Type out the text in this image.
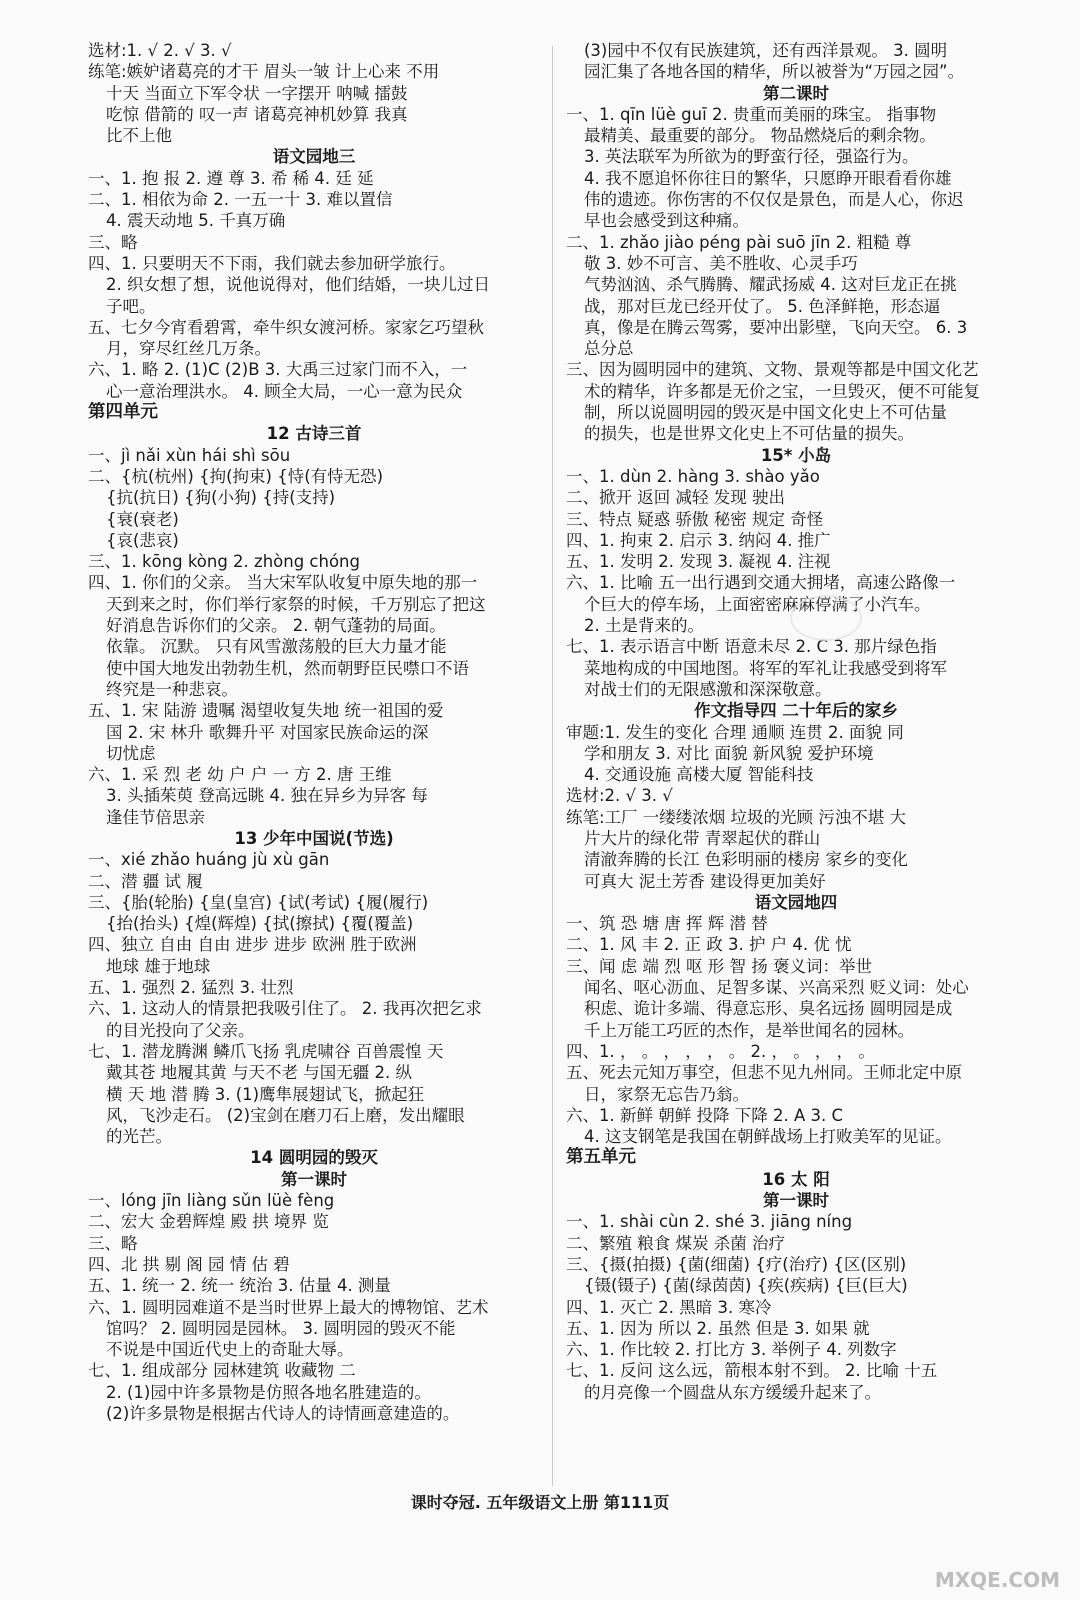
选材:1. √ 2. √ 3. √
练笔:嫉妒诸葛亮的才干 眉头一皱 计上心来 不用
十天 当面立下军令状 一字摆开 呐喊 擂鼓
吃惊 借箭的 叹一声 诸葛亮神机妙算 我真
比不上他
语文园地三
一、1. 抱 报 2. 遵 尊 3. 希 稀 4. 廷 延
二、1. 相依为命 2. 一五一十 3. 难以置信
4. 震天动地 5. 千真万确
三、略
四、1. 只要明天不下雨，我们就去参加研学旅行。
2. 织女想了想，说他说得对，他们结婚，一块儿过日
子吧。
五、七夕今宵看碧霄，牵牛织女渡河桥。家家乞巧望秋
月，穿尽红丝几万条。
六、1. 略 2. (1)C (2)B 3. 大禹三过家门而不入，一
心一意治理洪水。 4. 顾全大局，一心一意为民众
第四单元
12 古诗三首
一、jì nǎi xùn hái shì sōu
二、{杭(杭州) {拘(拘束) {恃(有恃无恐)
{抗(抗日) {狗(小狗) {持(支持)
{衰(衰老)
{哀(悲哀)
三、1. kōng kòng 2. zhòng chóng
四、1. 你们的父亲。 当大宋军队收复中原失地的那一
天到来之时，你们举行家祭的时候，千万别忘了把这
好消息告诉你们的父亲。 2. 朝气蓬勃的局面。
依靠。 沉默。 只有风雪激荡般的巨大力量才能
使中国大地发出勃勃生机，然而朝野臣民噤口不语
终究是一种悲哀。
五、1. 宋 陆游 遗嘱 渴望收复失地 统一祖国的爱
国 2. 宋 林升 歌舞升平 对国家民族命运的深
切忧虑
六、1. 采 烈 老 幼 户 户 一 方 2. 唐 王维
3. 头插茱萸 登高远眺 4. 独在异乡为异客 每
逢佳节倍思亲
13 少年中国说(节选)
一、xié zhǎo huáng jù xù gān
二、潜 疆 试 履
三、{胎(轮胎) {皇(皇宫) {试(考试) {履(履行)
{抬(抬头) {煌(辉煌) {拭(擦拭) {覆(覆盖)
四、独立 自由 自由 进步 进步 欧洲 胜于欧洲
地球 雄于地球
五、1. 强烈 2. 猛烈 3. 壮烈
六、1. 这动人的情景把我吸引住了。 2. 我再次把乞求
的目光投向了父亲。
七、1. 潜龙腾渊 鳞爪飞扬 乳虎啸谷 百兽震惶 天
戴其苍 地履其黄 与天不老 与国无疆 2. 纵
横 天 地 潜 腾 3. (1)鹰隼展翅试飞，掀起狂
风，飞沙走石。 (2)宝剑在磨刀石上磨，发出耀眼
的光芒。
14 圆明园的毁灭
第一课时
一、lóng jīn liàng sǔn lüè fèng
二、宏大 金碧辉煌 殿 拱 境界 览
三、略
四、北 拱 剔 阁 园 情 估 碧
五、1. 统一 2. 统一 统治 3. 估量 4. 测量
六、1. 圆明园难道不是当时世界上最大的博物馆、艺术
馆吗？ 2. 圆明园是园林。 3. 圆明园的毁灭不能
不说是中国近代史上的奇耻大辱。
七、1. 组成部分 园林建筑 收藏物 二
2. (1)园中许多景物是仿照各地名胜建造的。
(2)许多景物是根据古代诗人的诗情画意建造的。
(3)园中不仅有民族建筑，还有西洋景观。 3. 圆明
园汇集了各地各国的精华，所以被誉为“万园之园”。
第二课时
一、1. qīn lüè guī 2. 贵重而美丽的珠宝。 指事物
最精美、最重要的部分。 物品燃烧后的剩余物。
3. 英法联军为所欲为的野蛮行径，强盗行为。
4. 我不愿追怀你往日的繁华，只愿睁开眼看看你雄
伟的遗迹。你伤害的不仅仅是景色，而是人心，你迟
早也会感受到这种痛。
二、1. zhǎo jiào péng pài suō jīn 2. 粗糙 尊
敬 3. 妙不可言、美不胜收、心灵手巧
气势汹汹、杀气腾腾、耀武扬威 4. 这对巨龙正在挑
战，那对巨龙已经开仗了。 5. 色泽鲜艳，形态逼
真，像是在腾云驾雾，要冲出影壁，飞向天空。 6. 3
总分总
三、因为圆明园中的建筑、文物、景观等都是中国文化艺
术的精华，许多都是无价之宝，一旦毁灭，便不可能复
制，所以说圆明园的毁灭是中国文化史上不可估量
的损失，也是世界文化史上不可估量的损失。
15* 小岛
一、1. dùn 2. hàng 3. shào yǎo
二、掀开 返回 减轻 发现 驶出
三、特点 疑惑 骄傲 秘密 规定 奇怪
四、1. 拘束 2. 启示 3. 纳闷 4. 推广
五、1. 发明 2. 发现 3. 凝视 4. 注视
六、1. 比喻 五一出行遇到交通大拥堵，高速公路像一
个巨大的停车场，上面密密麻麻停满了小汽车。
2. 土是背来的。
七、1. 表示语言中断 语意未尽 2. C 3. 那片绿色指
菜地构成的中国地图。将军的军礼让我感受到将军
对战士们的无限感激和深深敬意。
作文指导四 二十年后的家乡
审题:1. 发生的变化 合理 通顺 连贯 2. 面貌 同
学和朋友 3. 对比 面貌 新风貌 爱护环境
4. 交通设施 高楼大厦 智能科技
选材:2. √ 3. √
练笔:工厂 一缕缕浓烟 垃圾的光顾 污浊不堪 大
片大片的绿化带 青翠起伏的群山
清澈奔腾的长江 色彩明丽的楼房 家乡的变化
可真大 泥土芳香 建设得更加美好
语文园地四
一、筑 恐 塘 唐 挥 辉 潜 替
二、1. 风 丰 2. 正 政 3. 护 户 4. 优 忧
三、闻 虑 端 烈 呕 形 智 扬 褒义词：举世
闻名、呕心沥血、足智多谋、兴高采烈 贬义词：处心
积虑、诡计多端、得意忘形、臭名远扬 圆明园是成
千上万能工巧匠的杰作，是举世闻名的园林。
四、1. ， 。 ， ， ， 。 2. ， 。 ， ， 。
五、死去元知万事空，但悲不见九州同。王师北定中原
日，家祭无忘告乃翁。
六、1. 新鲜 朝鲜 投降 下降 2. A 3. C
4. 这支钢笔是我国在朝鲜战场上打败美军的见证。
第五单元
16 太 阳
第一课时
一、1. shài cùn 2. shé 3. jiāng níng
二、繁殖 粮食 煤炭 杀菌 治疗
三、{摄(拍摄) {菌(细菌) {疗(治疗) {区(区别)
{镊(镊子) {菌(绿茵茵) {疾(疾病) {巨(巨大)
四、1. 灭亡 2. 黑暗 3. 寒冷
五、1. 因为 所以 2. 虽然 但是 3. 如果 就
六、1. 作比较 2. 打比方 3. 举例子 4. 列数字
七、1. 反问 这么远，箭根本射不到。 2. 比喻 十五
的月亮像一个圆盘从东方缓缓升起来了。
课时夺冠. 五年级语文上册 第111页
MXQE.COM
